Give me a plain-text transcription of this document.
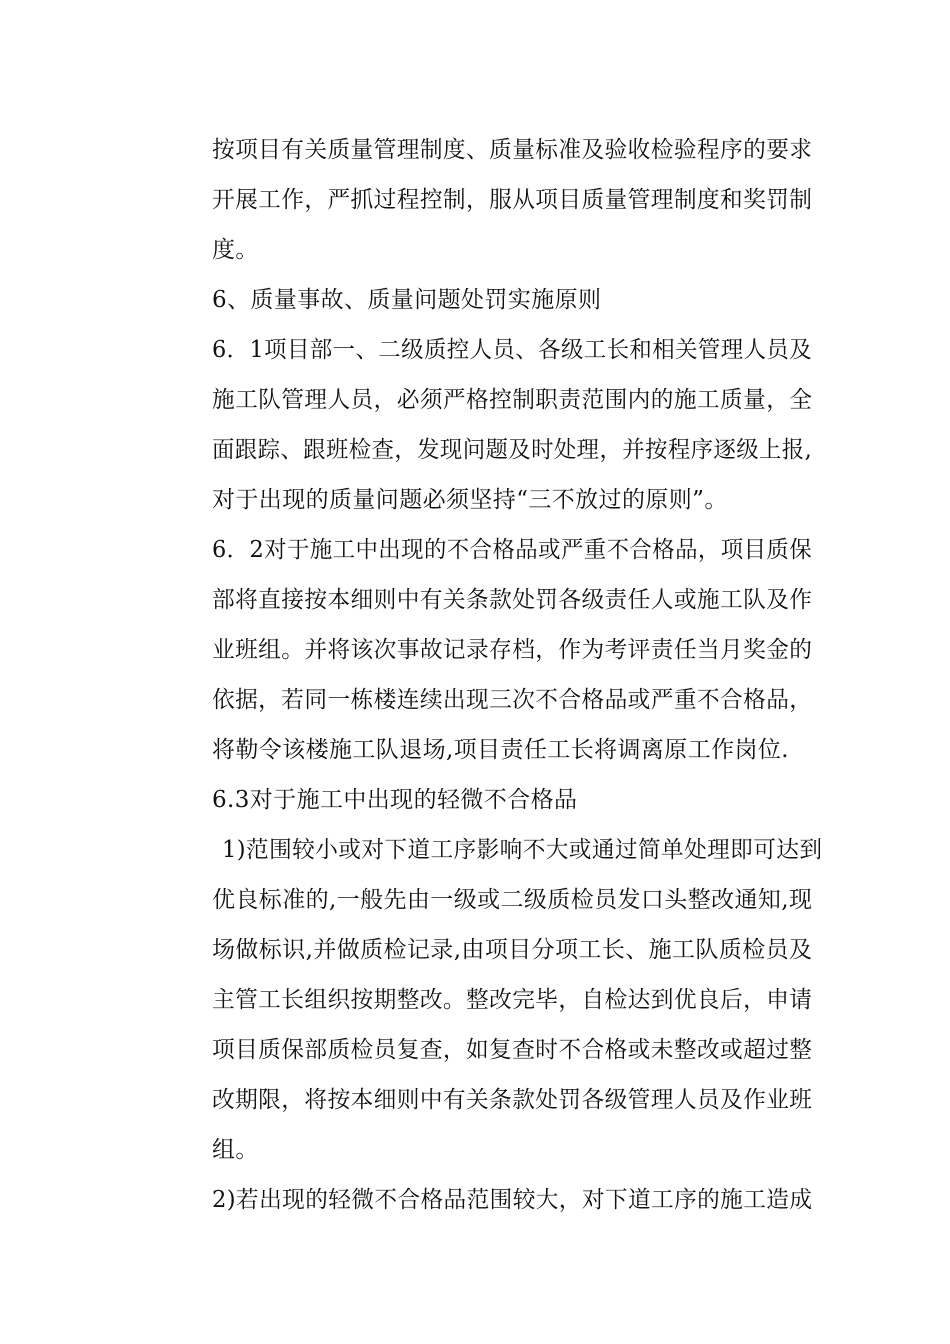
按项目有关质量管理制度、质量标准及验收检验程序的要求
开展工作，严抓过程控制，服从项目质量管理制度和奖罚制
度。
6、质量事故、质量问题处罚实施原则
6．1项目部一、二级质控人员、各级工长和相关管理人员及
施工队管理人员，必须严格控制职责范围内的施工质量，全
面跟踪、跟班检查，发现问题及时处理，并按程序逐级上报,
对于出现的质量问题必须坚持“三不放过的原则”。
6．2对于施工中出现的不合格品或严重不合格品，项目质保
部将直接按本细则中有关条款处罚各级责任人或施工队及作
业班组。并将该次事故记录存档，作为考评责任当月奖金的
依据，若同一栋楼连续出现三次不合格品或严重不合格品，
将勒令该楼施工队退场,项目责任工长将调离原工作岗位.
6.3对于施工中出现的轻微不合格品
1)范围较小或对下道工序影响不大或通过简单处理即可达到
优良标准的,一般先由一级或二级质检员发口头整改通知,现
场做标识,并做质检记录,由项目分项工长、施工队质检员及
主管工长组织按期整改。整改完毕，自检达到优良后，申请
项目质保部质检员复查，如复查时不合格或未整改或超过整
改期限，将按本细则中有关条款处罚各级管理人员及作业班
组。
2)若出现的轻微不合格品范围较大，对下道工序的施工造成
